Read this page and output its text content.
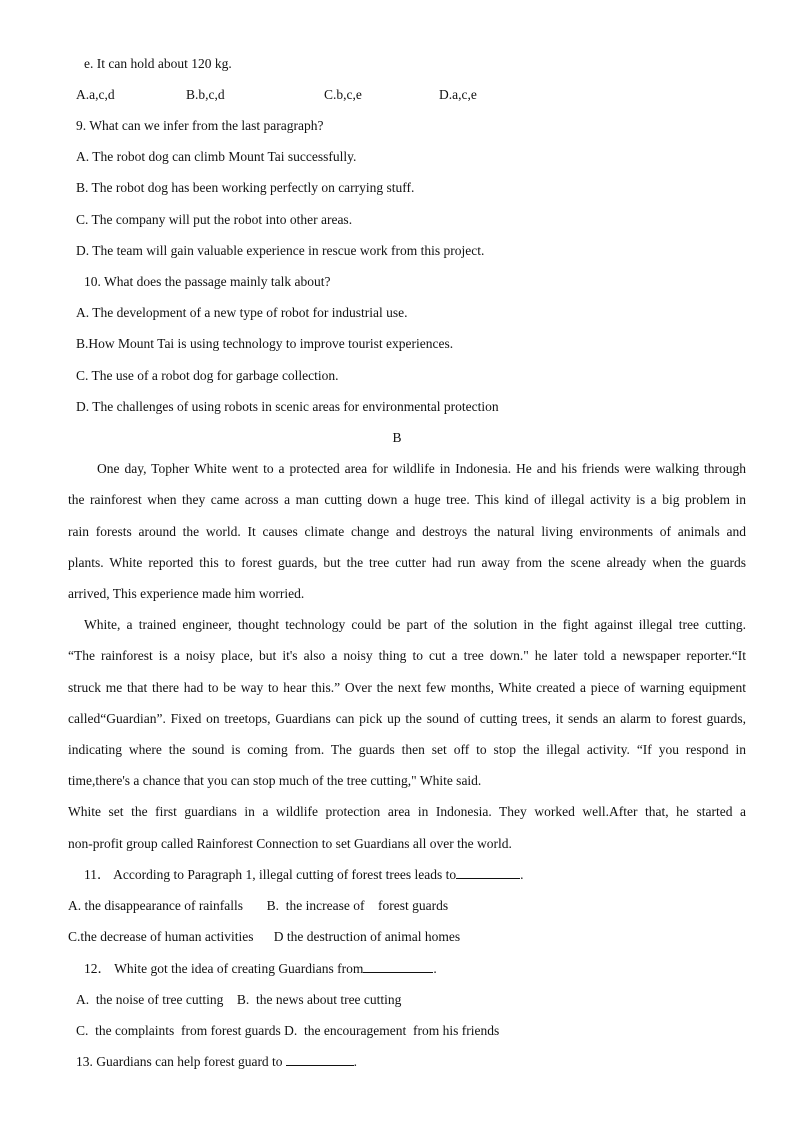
e. It can hold about 120 kg.
A.a,c,d	B.b,c,d	C.b,c,e	D.a,c,e
9. What can we infer from the last paragraph?
A. The robot dog can climb Mount Tai successfully.
B. The robot dog has been working perfectly on carrying stuff.
C. The company will put the robot into other areas.
D. The team will gain valuable experience in rescue work from this project.
10. What does the passage mainly talk about?
A. The development of a new type of robot for industrial use.
B.How Mount Tai is using technology to improve tourist experiences.
C. The use of a robot dog for garbage collection.
D. The challenges of using robots in scenic areas for environmental protection
B
One day, Topher White went to a protected area for wildlife in Indonesia. He and his friends were walking through
the rainforest when they came across a man cutting down a huge tree. This kind of illegal activity is a big problem in
rain forests around the world. It causes climate change and destroys the natural living environments of animals and
plants. White reported this to forest guards, but the tree cutter had run away from the scene already when the guards
arrived, This experience made him worried.
White, a trained engineer, thought technology could be part of the solution in the fight against illegal tree cutting.
“The rainforest is a noisy place, but it's also a noisy thing to cut a tree down." he later told a newspaper reporter.“It
struck me that there had to be way to hear this.” Over the next few months, White created a piece of warning equipment
called“Guardian”. Fixed on treetops, Guardians can pick up the sound of cutting trees, it sends an alarm to forest guards,
indicating where the sound is coming from. The guards then set off to stop the illegal activity. “If you respond in
time,there's a chance that you can stop much of the tree cutting," White said.
White set the first guardians in a wildlife protection area in Indonesia. They worked well.After that, he started a
non-profit group called Rainforest Connection to set Guardians all over the world.
11． According to Paragraph 1, illegal cutting of forest trees leads to	.
A. the disappearance of rainfalls       B.  the increase of    forest guards
C.the decrease of human activities      D the destruction of animal homes
12． White got the idea of creating Guardians from	.
A.  the noise of tree cutting    B.  the news about tree cutting
C.  the complaints  from forest guards D.  the encouragement  from his friends
13. Guardians can help forest guard to	.
